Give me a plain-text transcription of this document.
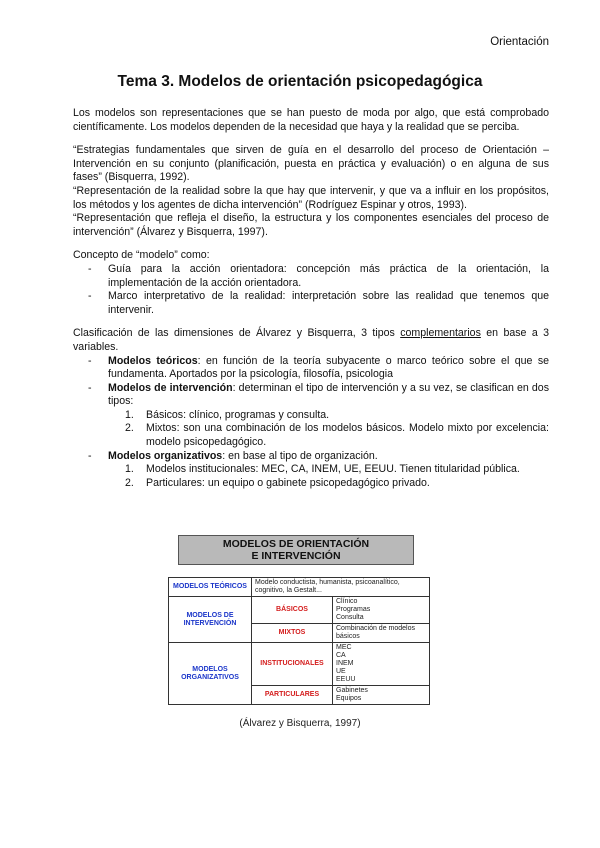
Orientación
Tema 3. Modelos de orientación psicopedagógica

Los modelos son representaciones que se han puesto de moda por algo, que está comprobado científicamente. Los modelos dependen de la necesidad que haya y la realidad que se perciba.

“Estrategias fundamentales que sirven de guía en el desarrollo del proceso de Orientación – Intervención en su conjunto (planificación, puesta en práctica y evaluación) o en alguna de sus fases” (Bisquerra, 1992).

“Representación de la realidad sobre la que hay que intervenir, y que va a influir en los propósitos, los métodos y los agentes de dicha intervención” (Rodríguez Espinar y otros, 1993).

“Representación que refleja el diseño, la estructura y los componentes esenciales del proceso de intervención” (Álvarez y Bisquerra, 1997).

Concepto de “modelo” como:

- Guía para la acción orientadora: concepción más práctica de la orientación, la implementación de la acción orientadora.
- Marco interpretativo de la realidad: interpretación sobre las realidad que tenemos que intervenir.

Clasificación de las dimensiones de Álvarez y Bisquerra, 3 tipos complementarios en base a 3 variables.

- Modelos teóricos: en función de la teoría subyacente o marco teórico sobre el que se fundamenta. Aportados por la psicología, filosofía, psicologia
- Modelos de intervención: determinan el tipo de intervención y a su vez, se clasifican en dos tipos:
1. Básicos: clínico, programas y consulta.
2. Mixtos: son una combinación de los modelos básicos. Modelo mixto por excelencia: modelo psicopedagógico.
- Modelos organizativos: en base al tipo de organización.
1. Modelos institucionales: MEC, CA, INEM, UE, EEUU. Tienen titularidad pública.
2. Particulares: un equipo o gabinete psicopedagógico privado.
MODELOS DE ORIENTACIÓN
E INTERVENCIÓN
MODELOS TEÓRICOS	Modelo conductista, humanista, psicoanalítico, cognitivo, la Gestalt...	
MODELOS DE INTERVENCIÓN	BÁSICOS	Clínico
Programas
Consulta

	MIXTOS	Combinación de modelos básicos
MODELOS ORGANIZATIVOS	INSTITUCIONALES	MEC
CA
INEM
UE
EEUU

	PARTICULARES	Gabinetes
Equipos
(Álvarez y Bisquerra, 1997)
